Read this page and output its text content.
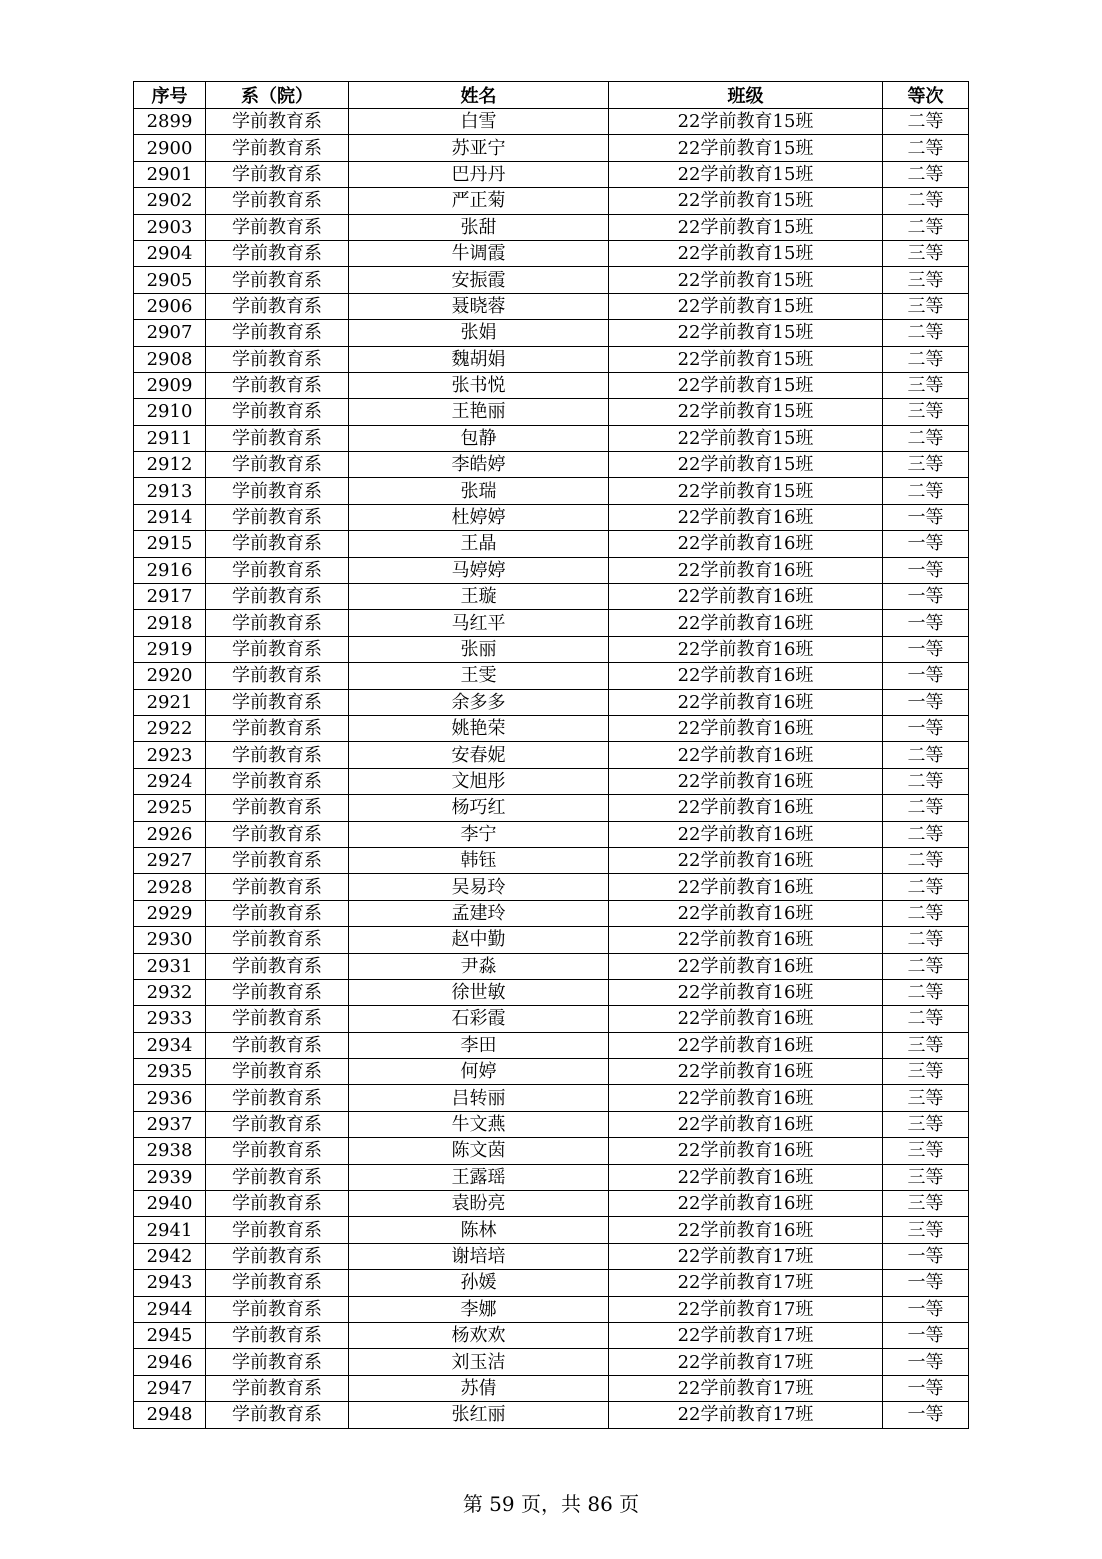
序号	系（院）	姓名	班级	等次
2899	学前教育系	白雪	22学前教育15班	二等
2900	学前教育系	苏亚宁	22学前教育15班	二等
2901	学前教育系	巴丹丹	22学前教育15班	二等
2902	学前教育系	严正菊	22学前教育15班	二等
2903	学前教育系	张甜	22学前教育15班	二等
2904	学前教育系	牛调霞	22学前教育15班	三等
2905	学前教育系	安振霞	22学前教育15班	三等
2906	学前教育系	聂晓蓉	22学前教育15班	三等
2907	学前教育系	张娟	22学前教育15班	二等
2908	学前教育系	魏胡娟	22学前教育15班	二等
2909	学前教育系	张书悦	22学前教育15班	三等
2910	学前教育系	王艳丽	22学前教育15班	三等
2911	学前教育系	包静	22学前教育15班	二等
2912	学前教育系	李皓婷	22学前教育15班	三等
2913	学前教育系	张瑞	22学前教育15班	二等
2914	学前教育系	杜婷婷	22学前教育16班	一等
2915	学前教育系	王晶	22学前教育16班	一等
2916	学前教育系	马婷婷	22学前教育16班	一等
2917	学前教育系	王璇	22学前教育16班	一等
2918	学前教育系	马红平	22学前教育16班	一等
2919	学前教育系	张丽	22学前教育16班	一等
2920	学前教育系	王雯	22学前教育16班	一等
2921	学前教育系	余多多	22学前教育16班	一等
2922	学前教育系	姚艳荣	22学前教育16班	一等
2923	学前教育系	安春妮	22学前教育16班	二等
2924	学前教育系	文旭彤	22学前教育16班	二等
2925	学前教育系	杨巧红	22学前教育16班	二等
2926	学前教育系	李宁	22学前教育16班	二等
2927	学前教育系	韩钰	22学前教育16班	二等
2928	学前教育系	吴易玲	22学前教育16班	二等
2929	学前教育系	孟建玲	22学前教育16班	二等
2930	学前教育系	赵中勤	22学前教育16班	二等
2931	学前教育系	尹淼	22学前教育16班	二等
2932	学前教育系	徐世敏	22学前教育16班	二等
2933	学前教育系	石彩霞	22学前教育16班	二等
2934	学前教育系	李田	22学前教育16班	三等
2935	学前教育系	何婷	22学前教育16班	三等
2936	学前教育系	吕转丽	22学前教育16班	三等
2937	学前教育系	牛文燕	22学前教育16班	三等
2938	学前教育系	陈文茵	22学前教育16班	三等
2939	学前教育系	王露瑶	22学前教育16班	三等
2940	学前教育系	袁盼亮	22学前教育16班	三等
2941	学前教育系	陈林	22学前教育16班	三等
2942	学前教育系	谢培培	22学前教育17班	一等
2943	学前教育系	孙媛	22学前教育17班	一等
2944	学前教育系	李娜	22学前教育17班	一等
2945	学前教育系	杨欢欢	22学前教育17班	一等
2946	学前教育系	刘玉洁	22学前教育17班	一等
2947	学前教育系	苏倩	22学前教育17班	一等
2948	学前教育系	张红丽	22学前教育17班	一等
第 59 页，共 86 页
